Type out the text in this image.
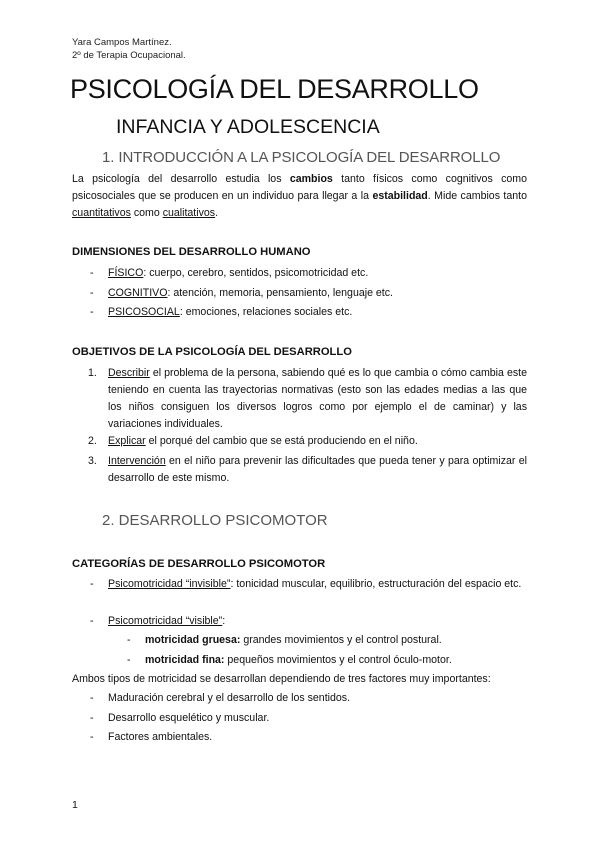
Yara Campos Martínez.
2º de Terapia Ocupacional.
PSICOLOGÍA DEL DESARROLLO
INFANCIA Y ADOLESCENCIA
1. INTRODUCCIÓN A LA PSICOLOGÍA DEL DESARROLLO
La psicología del desarrollo estudia los cambios tanto físicos como cognitivos como psicosociales que se producen en un individuo para llegar a la estabilidad. Mide cambios tanto cuantitativos como cualitativos.
DIMENSIONES DEL DESARROLLO HUMANO
- FÍSICO: cuerpo, cerebro, sentidos, psicomotricidad etc.
- COGNITIVO: atención, memoria, pensamiento, lenguaje etc.
- PSICOSOCIAL: emociones, relaciones sociales etc.
OBJETIVOS DE LA PSICOLOGÍA DEL DESARROLLO
1. Describir el problema de la persona, sabiendo qué es lo que cambia o cómo cambia este teniendo en cuenta las trayectorias normativas (esto son las edades medias a las que los niños consiguen los diversos logros como por ejemplo el de caminar) y las variaciones individuales.
2. Explicar el porqué del cambio que se está produciendo en el niño.
3. Intervención en el niño para prevenir las dificultades que pueda tener y para optimizar el desarrollo de este mismo.
2. DESARROLLO PSICOMOTOR
CATEGORÍAS DE DESARROLLO PSICOMOTOR
- Psicomotricidad “invisible”: tonicidad muscular, equilibrio, estructuración del espacio etc.
- Psicomotricidad “visible”:
- motricidad gruesa: grandes movimientos y el control postural.
- motricidad fina: pequeños movimientos y el control óculo-motor.
Ambos tipos de motricidad se desarrollan dependiendo de tres factores muy importantes:
- Maduración cerebral y el desarrollo de los sentidos.
- Desarrollo esquelético y muscular.
- Factores ambientales.
1
